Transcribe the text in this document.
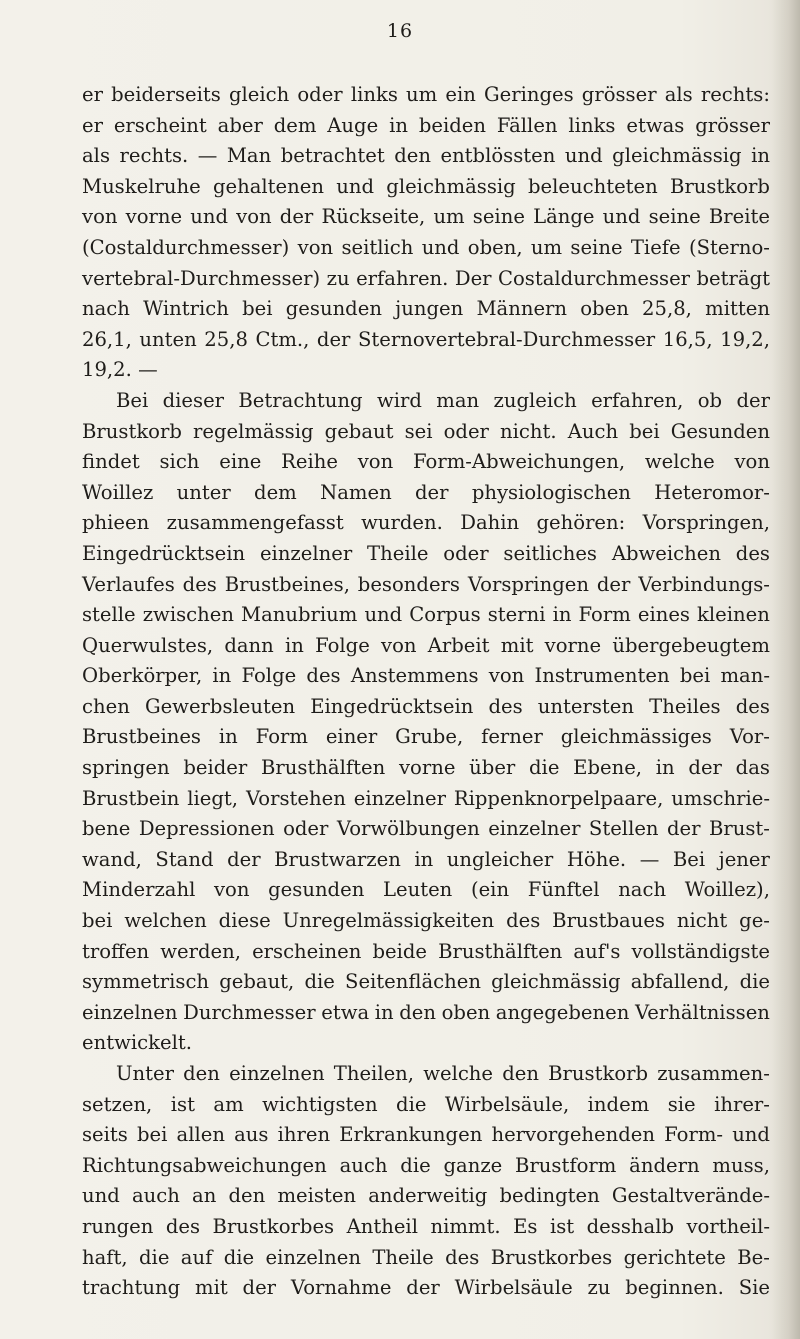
16
er beiderseits gleich oder links um ein Geringes grösser als rechts:
er erscheint aber dem Auge in beiden Fällen links etwas grösser
als rechts. — Man betrachtet den entblössten und gleichmässig in
Muskelruhe gehaltenen und gleichmässig beleuchteten Brustkorb
von vorne und von der Rückseite, um seine Länge und seine Breite
(Costaldurchmesser) von seitlich und oben, um seine Tiefe (Sterno-
vertebral-Durchmesser) zu erfahren. Der Costaldurchmesser beträgt
nach Wintrich bei gesunden jungen Männern oben 25,8, mitten
26,1, unten 25,8 Ctm., der Sternovertebral-Durchmesser 16,5, 19,2,
19,2. —
Bei dieser Betrachtung wird man zugleich erfahren, ob der
Brustkorb regelmässig gebaut sei oder nicht. Auch bei Gesunden
findet sich eine Reihe von Form-Abweichungen, welche von
Woillez unter dem Namen der physiologischen Heteromor-
phieen zusammengefasst wurden. Dahin gehören: Vorspringen,
Eingedrücktsein einzelner Theile oder seitliches Abweichen des
Verlaufes des Brustbeines, besonders Vorspringen der Verbindungs-
stelle zwischen Manubrium und Corpus sterni in Form eines kleinen
Querwulstes, dann in Folge von Arbeit mit vorne übergebeugtem
Oberkörper, in Folge des Anstemmens von Instrumenten bei man-
chen Gewerbsleuten Eingedrücktsein des untersten Theiles des
Brustbeines in Form einer Grube, ferner gleichmässiges Vor-
springen beider Brusthälften vorne über die Ebene, in der das
Brustbein liegt, Vorstehen einzelner Rippenknorpelpaare, umschrie-
bene Depressionen oder Vorwölbungen einzelner Stellen der Brust-
wand, Stand der Brustwarzen in ungleicher Höhe. — Bei jener
Minderzahl von gesunden Leuten (ein Fünftel nach Woillez),
bei welchen diese Unregelmässigkeiten des Brustbaues nicht ge-
troffen werden, erscheinen beide Brusthälften auf's vollständigste
symmetrisch gebaut, die Seitenflächen gleichmässig abfallend, die
einzelnen Durchmesser etwa in den oben angegebenen Verhältnissen
entwickelt.
Unter den einzelnen Theilen, welche den Brustkorb zusammen-
setzen, ist am wichtigsten die Wirbelsäule, indem sie ihrer-
seits bei allen aus ihren Erkrankungen hervorgehenden Form- und
Richtungsabweichungen auch die ganze Brustform ändern muss,
und auch an den meisten anderweitig bedingten Gestaltverände-
rungen des Brustkorbes Antheil nimmt. Es ist desshalb vortheil-
haft, die auf die einzelnen Theile des Brustkorbes gerichtete Be-
trachtung mit der Vornahme der Wirbelsäule zu beginnen. Sie
